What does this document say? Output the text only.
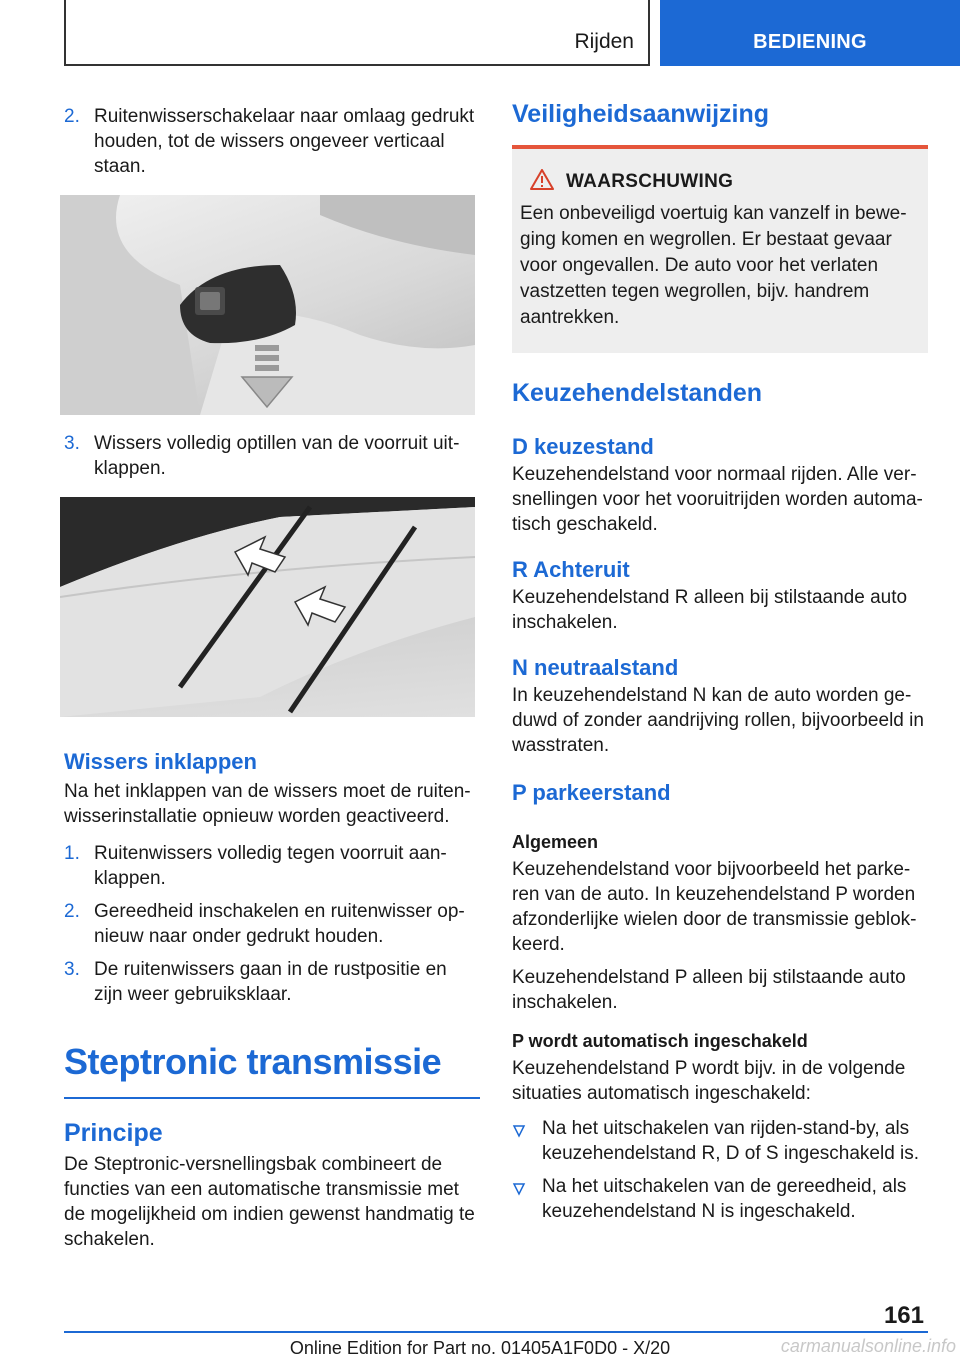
Rijden	BEDIENING
2. Ruitenwisserschakelaar naar omlaag gedrukt houden, tot de wissers ongeveer verticaal staan.
3. Wissers volledig optillen van de voorruit uitklappen.
Wissers inklappen
Na het inklappen van de wissers moet de ruitenwisserinstallatie opnieuw worden geactiveerd.
1. Ruitenwissers volledig tegen voorruit aanklappen.
2. Gereedheid inschakelen en ruitenwisser opnieuw naar onder gedrukt houden.
3. De ruitenwissers gaan in de rustpositie en zijn weer gebruiksklaar.
Steptronic transmissie
Principe
De Steptronic-versnellingsbak combineert de functies van een automatische transmissie met de mogelijkheid om indien gewenst handmatig te schakelen.
Veiligheidsaanwijzing
WAARSCHUWING
Een onbeveiligd voertuig kan vanzelf in beweging komen en wegrollen. Er bestaat gevaar voor ongevallen. De auto voor het verlaten vastzetten tegen wegrollen, bijv. handrem aantrekken.
Keuzehendelstanden
D keuzestand
Keuzehendelstand voor normaal rijden. Alle versnellingen voor het vooruitrijden worden automatisch geschakeld.
R Achteruit
Keuzehendelstand R alleen bij stilstaande auto inschakelen.
N neutraalstand
In keuzehendelstand N kan de auto worden geduwd of zonder aandrijving rollen, bijvoorbeeld in wasstraten.
P parkeerstand
Algemeen
Keuzehendelstand voor bijvoorbeeld het parkeren van de auto. In keuzehendelstand P worden afzonderlijke wielen door de transmissie geblokkeerd.
Keuzehendelstand P alleen bij stilstaande auto inschakelen.
P wordt automatisch ingeschakeld
Keuzehendelstand P wordt bijv. in de volgende situaties automatisch ingeschakeld:
Na het uitschakelen van rijden-stand-by, als keuzehendelstand R, D of S ingeschakeld is.
Na het uitschakelen van de gereedheid, als keuzehendelstand N is ingeschakeld.
161
Online Edition for Part no. 01405A1F0D0 - X/20	carmanualsonline.info
